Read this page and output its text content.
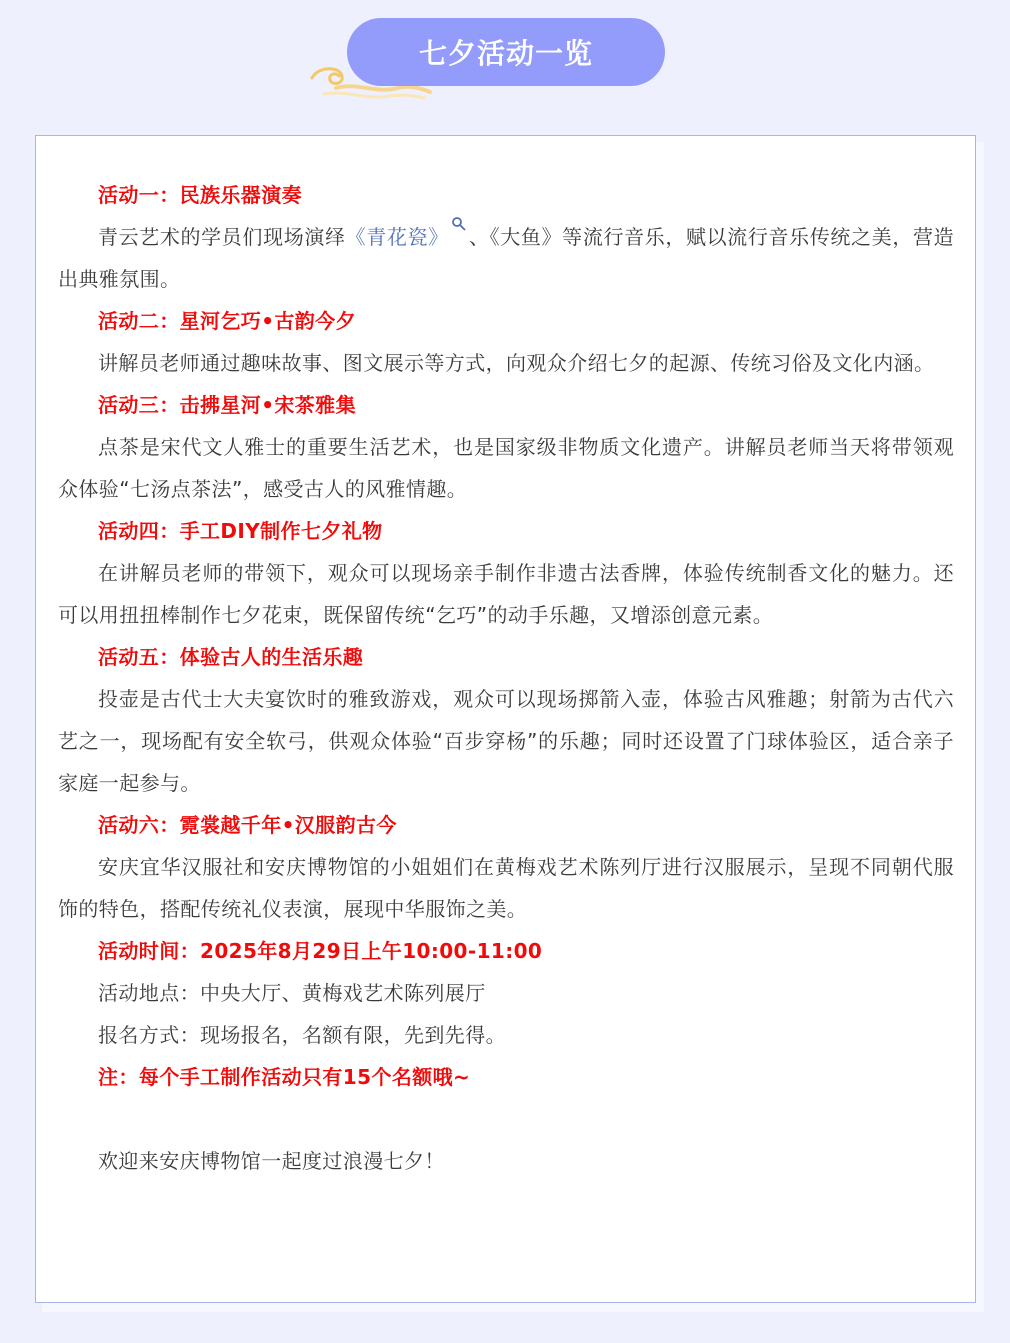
七夕活动一览

活动一：民族乐器演奏

青云艺术的学员们现场演绎《青花瓷》 、《大鱼》等流行音乐，赋以流行音乐传统之美，营造出典雅氛围。

活动二：星河乞巧•古韵今夕

讲解员老师通过趣味故事、图文展示等方式，向观众介绍七夕的起源、传统习俗及文化内涵。

活动三：击拂星河•宋茶雅集

点茶是宋代文人雅士的重要生活艺术，也是国家级非物质文化遗产。讲解员老师当天将带领观众体验“七汤点茶法”，感受古人的风雅情趣。

活动四：手工DIY制作七夕礼物

在讲解员老师的带领下，观众可以现场亲手制作非遗古法香牌，体验传统制香文化的魅力。还可以用扭扭棒制作七夕花束，既保留传统“乞巧”的动手乐趣，又增添创意元素。

活动五：体验古人的生活乐趣

投壶是古代士大夫宴饮时的雅致游戏，观众可以现场掷箭入壶，体验古风雅趣；射箭为古代六艺之一，现场配有安全软弓，供观众体验“百步穿杨”的乐趣；同时还设置了门球体验区，适合亲子家庭一起参与。

活动六：霓裳越千年•汉服韵古今

安庆宜华汉服社和安庆博物馆的小姐姐们在黄梅戏艺术陈列厅进行汉服展示，呈现不同朝代服饰的特色，搭配传统礼仪表演，展现中华服饰之美。

活动时间：2025年8月29日上午10:00-11:00

活动地点：中央大厅、黄梅戏艺术陈列展厅

报名方式：现场报名，名额有限，先到先得。

注：每个手工制作活动只有15个名额哦~

欢迎来安庆博物馆一起度过浪漫七夕！
